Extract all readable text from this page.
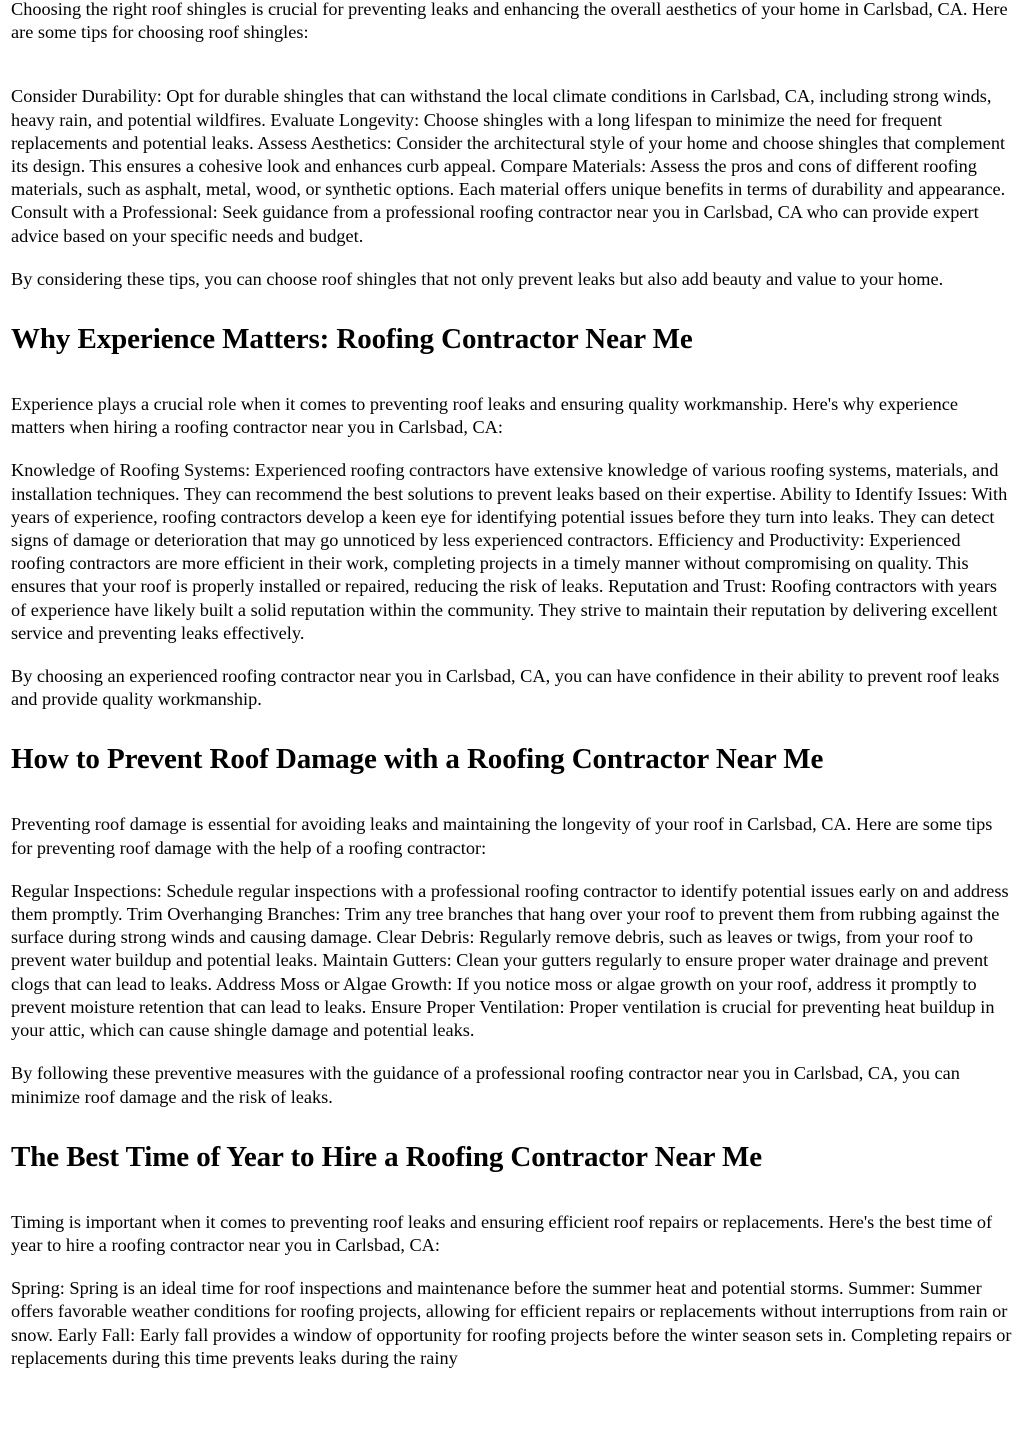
Choosing the right roof shingles is crucial for preventing leaks and enhancing the overall aesthetics of your home in Carlsbad, CA. Here are some tips for choosing roof shingles:

Consider Durability: Opt for durable shingles that can withstand the local climate conditions in Carlsbad, CA, including strong winds, heavy rain, and potential wildfires. Evaluate Longevity: Choose shingles with a long lifespan to minimize the need for frequent replacements and potential leaks. Assess Aesthetics: Consider the architectural style of your home and choose shingles that complement its design. This ensures a cohesive look and enhances curb appeal. Compare Materials: Assess the pros and cons of different roofing materials, such as asphalt, metal, wood, or synthetic options. Each material offers unique benefits in terms of durability and appearance. Consult with a Professional: Seek guidance from a professional roofing contractor near you in Carlsbad, CA who can provide expert advice based on your specific needs and budget.

By considering these tips, you can choose roof shingles that not only prevent leaks but also add beauty and value to your home.

Why Experience Matters: Roofing Contractor Near Me

Experience plays a crucial role when it comes to preventing roof leaks and ensuring quality workmanship. Here's why experience matters when hiring a roofing contractor near you in Carlsbad, CA:

Knowledge of Roofing Systems: Experienced roofing contractors have extensive knowledge of various roofing systems, materials, and installation techniques. They can recommend the best solutions to prevent leaks based on their expertise. Ability to Identify Issues: With years of experience, roofing contractors develop a keen eye for identifying potential issues before they turn into leaks. They can detect signs of damage or deterioration that may go unnoticed by less experienced contractors. Efficiency and Productivity: Experienced roofing contractors are more efficient in their work, completing projects in a timely manner without compromising on quality. This ensures that your roof is properly installed or repaired, reducing the risk of leaks. Reputation and Trust: Roofing contractors with years of experience have likely built a solid reputation within the community. They strive to maintain their reputation by delivering excellent service and preventing leaks effectively.

By choosing an experienced roofing contractor near you in Carlsbad, CA, you can have confidence in their ability to prevent roof leaks and provide quality workmanship.

How to Prevent Roof Damage with a Roofing Contractor Near Me

Preventing roof damage is essential for avoiding leaks and maintaining the longevity of your roof in Carlsbad, CA. Here are some tips for preventing roof damage with the help of a roofing contractor:

Regular Inspections: Schedule regular inspections with a professional roofing contractor to identify potential issues early on and address them promptly. Trim Overhanging Branches: Trim any tree branches that hang over your roof to prevent them from rubbing against the surface during strong winds and causing damage. Clear Debris: Regularly remove debris, such as leaves or twigs, from your roof to prevent water buildup and potential leaks. Maintain Gutters: Clean your gutters regularly to ensure proper water drainage and prevent clogs that can lead to leaks. Address Moss or Algae Growth: If you notice moss or algae growth on your roof, address it promptly to prevent moisture retention that can lead to leaks. Ensure Proper Ventilation: Proper ventilation is crucial for preventing heat buildup in your attic, which can cause shingle damage and potential leaks.

By following these preventive measures with the guidance of a professional roofing contractor near you in Carlsbad, CA, you can minimize roof damage and the risk of leaks.

The Best Time of Year to Hire a Roofing Contractor Near Me

Timing is important when it comes to preventing roof leaks and ensuring efficient roof repairs or replacements. Here's the best time of year to hire a roofing contractor near you in Carlsbad, CA:

Spring: Spring is an ideal time for roof inspections and maintenance before the summer heat and potential storms. Summer: Summer offers favorable weather conditions for roofing projects, allowing for efficient repairs or replacements without interruptions from rain or snow. Early Fall: Early fall provides a window of opportunity for roofing projects before the winter season sets in. Completing repairs or replacements during this time prevents leaks during the rainy
